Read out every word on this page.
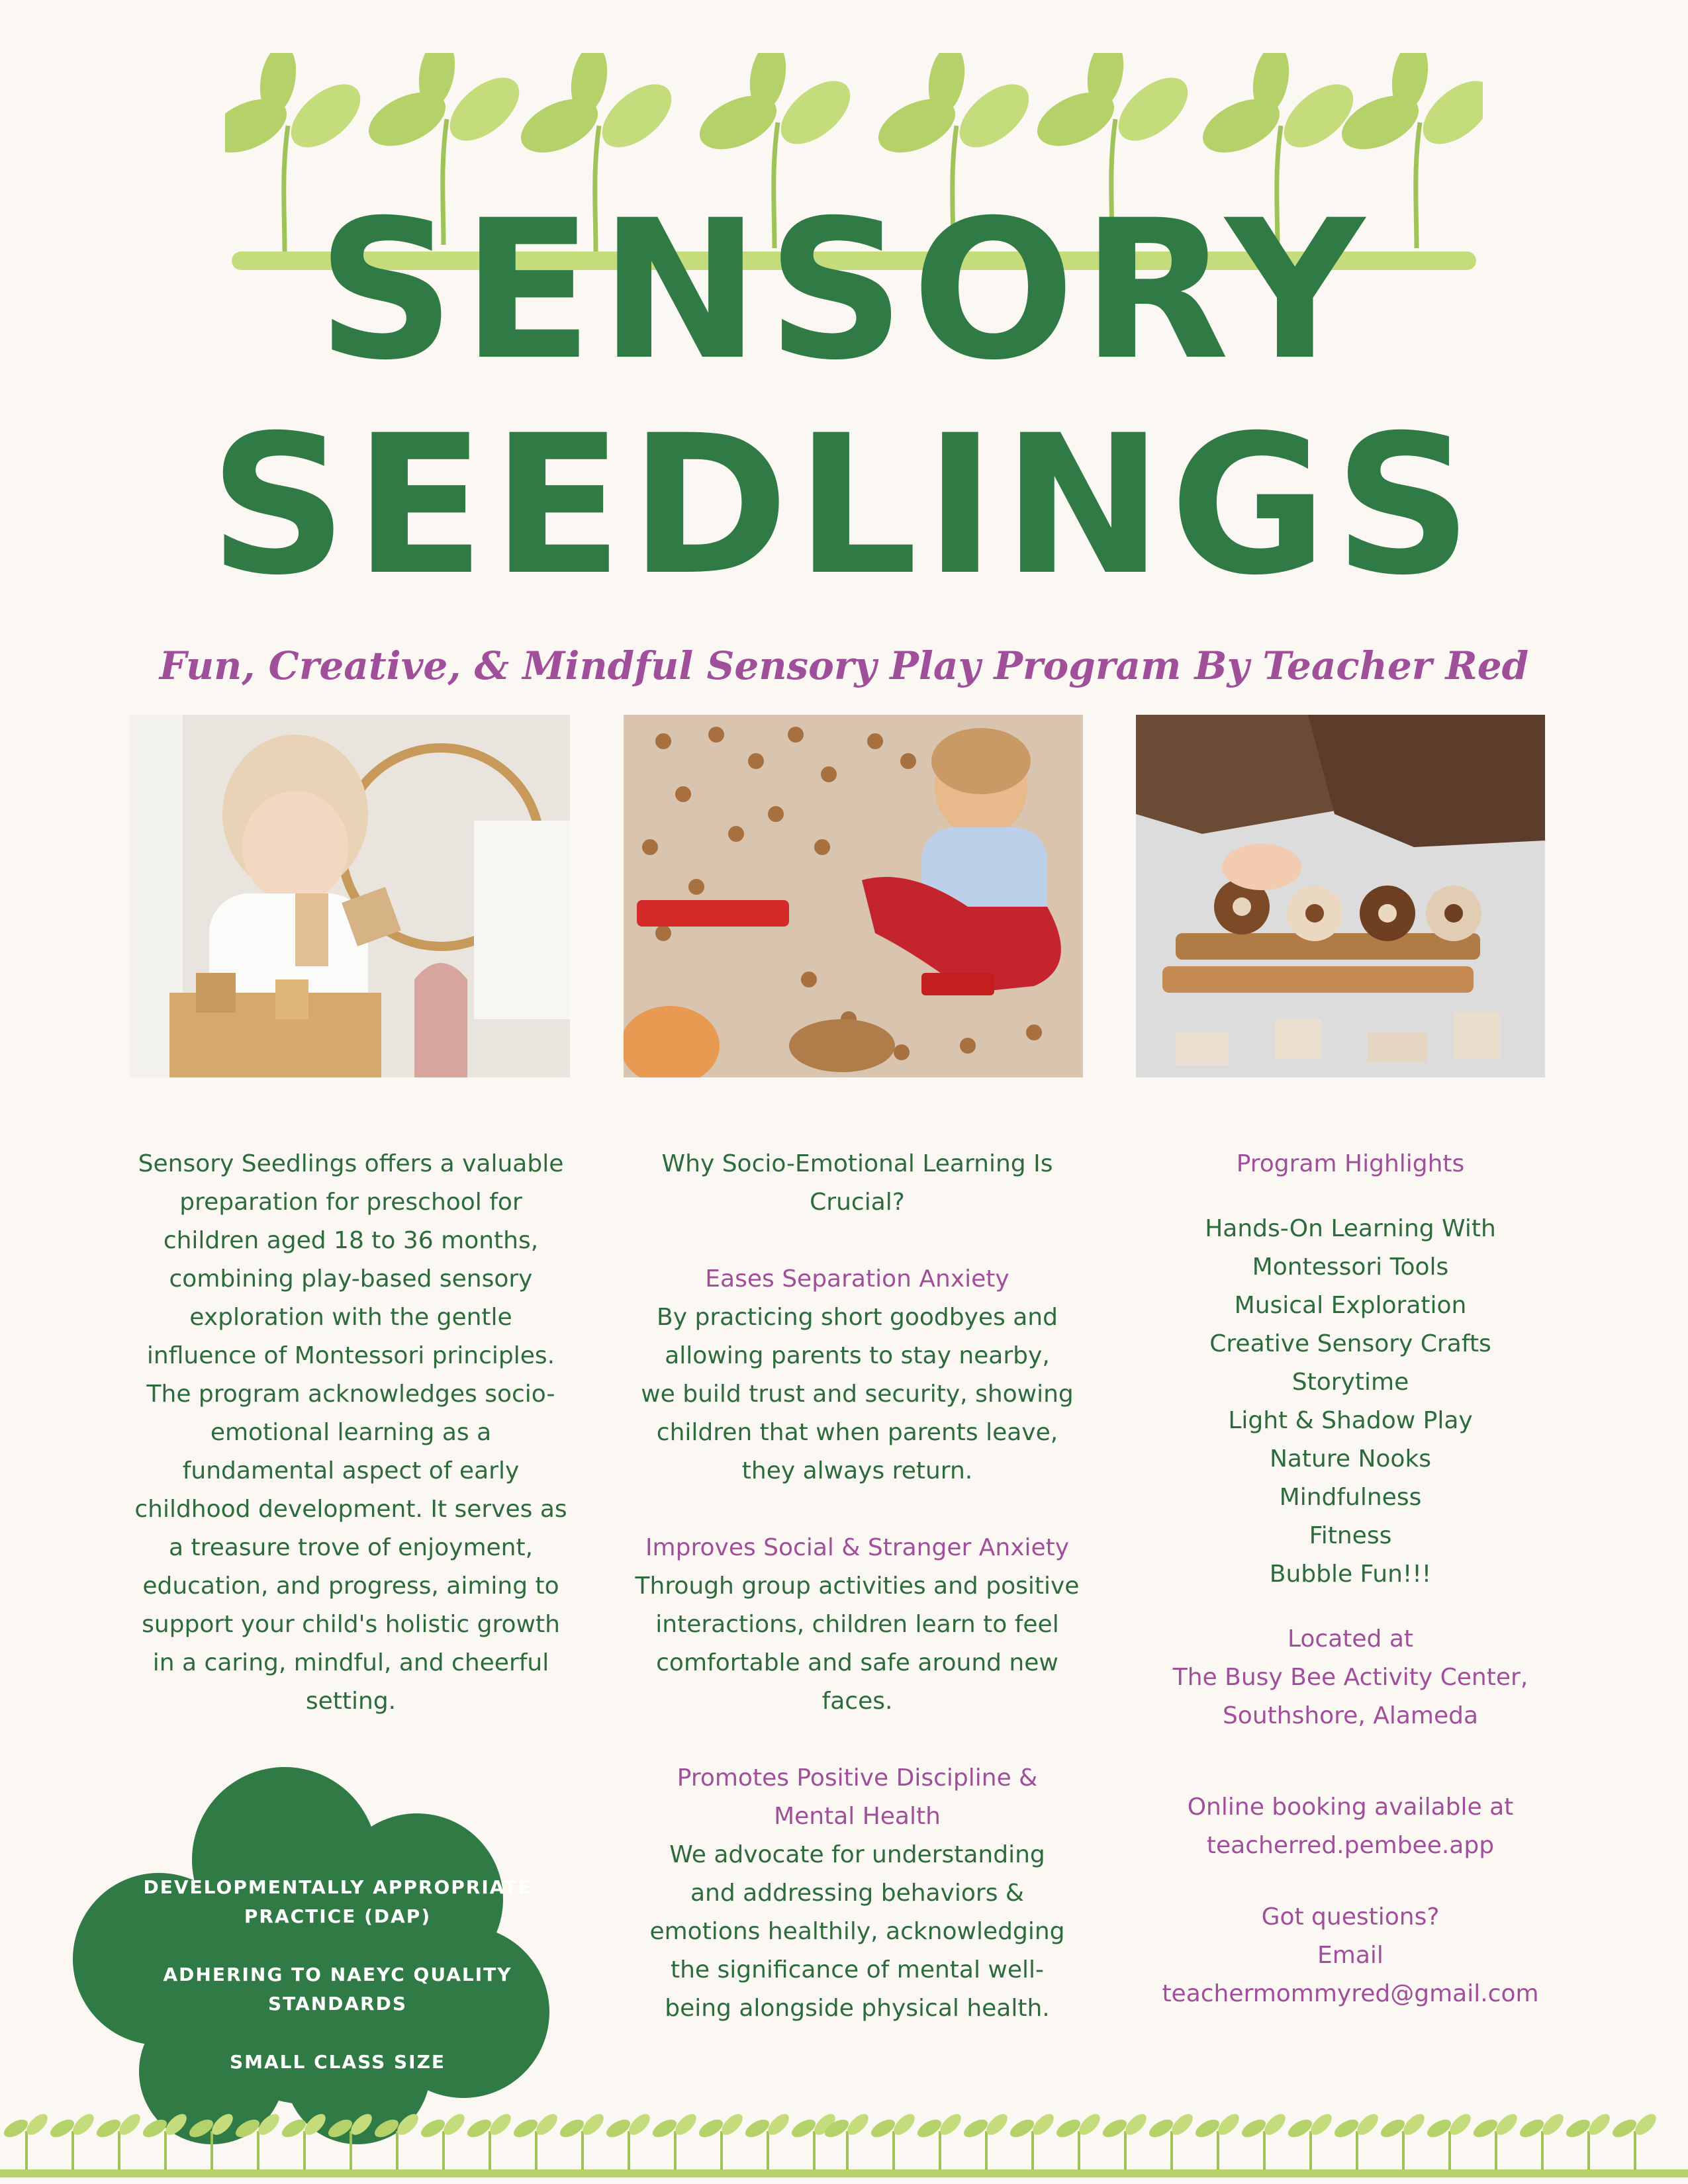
SENSORY
SEEDLINGS
Fun, Creative, & Mindful Sensory Play Program By Teacher Red

Sensory Seedlings offers a valuable

preparation for preschool for

children aged 18 to 36 months,

combining play-based sensory

exploration with the gentle

influence of Montessori principles.

The program acknowledges socio-

emotional learning as a

fundamental aspect of early

childhood development. It serves as

a treasure trove of enjoyment,

education, and progress, aiming to

support your child's holistic growth

in a caring, mindful, and cheerful

setting.

Why Socio-Emotional Learning Is

Crucial?

Eases Separation Anxiety

By practicing short goodbyes and

allowing parents to stay nearby,

we build trust and security, showing

children that when parents leave,

they always return.

Improves Social & Stranger Anxiety

Through group activities and positive

interactions, children learn to feel

comfortable and safe around new

faces.

Promotes Positive Discipline &

Mental Health

We advocate for understanding

and addressing behaviors &

emotions healthily, acknowledging

the significance of mental well-

being alongside physical health.

Program Highlights

Hands-On Learning With

Montessori Tools

Musical Exploration

Creative Sensory Crafts

Storytime

Light & Shadow Play

Nature Nooks

Mindfulness

Fitness

Bubble Fun!!!

Located at

The Busy Bee Activity Center,

Southshore, Alameda

Online booking available at

teacherred.pembee.app

Got questions?

Email

teachermommyred@gmail.com

DEVELOPMENTALLY APPROPRIATE

PRACTICE (DAP)

ADHERING TO NAEYC QUALITY

STANDARDS

SMALL CLASS SIZE
